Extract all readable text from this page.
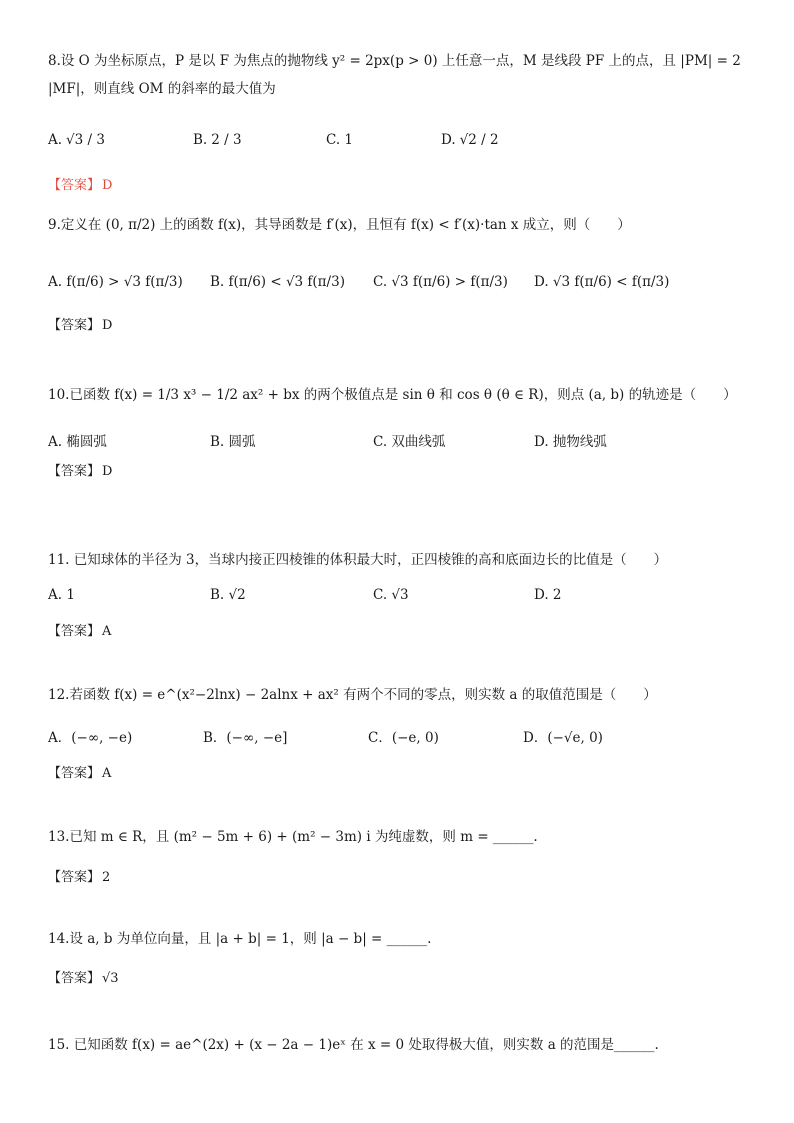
8.设 O 为坐标原点，P 是以 F 为焦点的抛物线 y² = 2px(p > 0) 上任意一点，M 是线段 PF 上的点，且 |PM| = 2
|MF|，则直线 OM 的斜率的最大值为
A. √3 / 3	B. 2 / 3	C. 1	D. √2 / 2
【答案】 D
9.定义在 (0, π/2) 上的函数 f(x)，其导函数是 f′(x)，且恒有 f(x) < f′(x)·tan x 成立，则（　　）
A. f(π/6) > √3 f(π/3) B. f(π/6) < √3 f(π/3) C. √3 f(π/6) > f(π/3) D. √3 f(π/6) < f(π/3)
【答案】 D
10.已函数 f(x) = 1/3 x³ − 1/2 ax² + bx 的两个极值点是 sin θ 和 cos θ (θ ∈ R)，则点 (a, b) 的轨迹是（　　）
A. 椭圆弧	B. 圆弧	C. 双曲线弧	D. 抛物线弧
【答案】 D
11. 已知球体的半径为 3，当球内接正四棱锥的体积最大时，正四棱锥的高和底面边长的比值是（　　）
A. 1	B. √2	C. √3	D. 2
【答案】 A
12.若函数 f(x) = e^(x²−2lnx) − 2alnx + ax² 有两个不同的零点，则实数 a 的取值范围是（　　）
A．(−∞, −e)	B．(−∞, −e]	C．(−e, 0)	D．(−√e, 0)
【答案】 A
13.已知 m ∈ R，且 (m² − 5m + 6) + (m² − 3m) i 为纯虚数，则 m = ______.
【答案】 2
14.设 a, b 为单位向量，且 |a + b| = 1，则 |a − b| = ______.
【答案】 √3
15. 已知函数 f(x) = ae^(2x) + (x − 2a − 1)eˣ 在 x = 0 处取得极大值，则实数 a 的范围是______.
